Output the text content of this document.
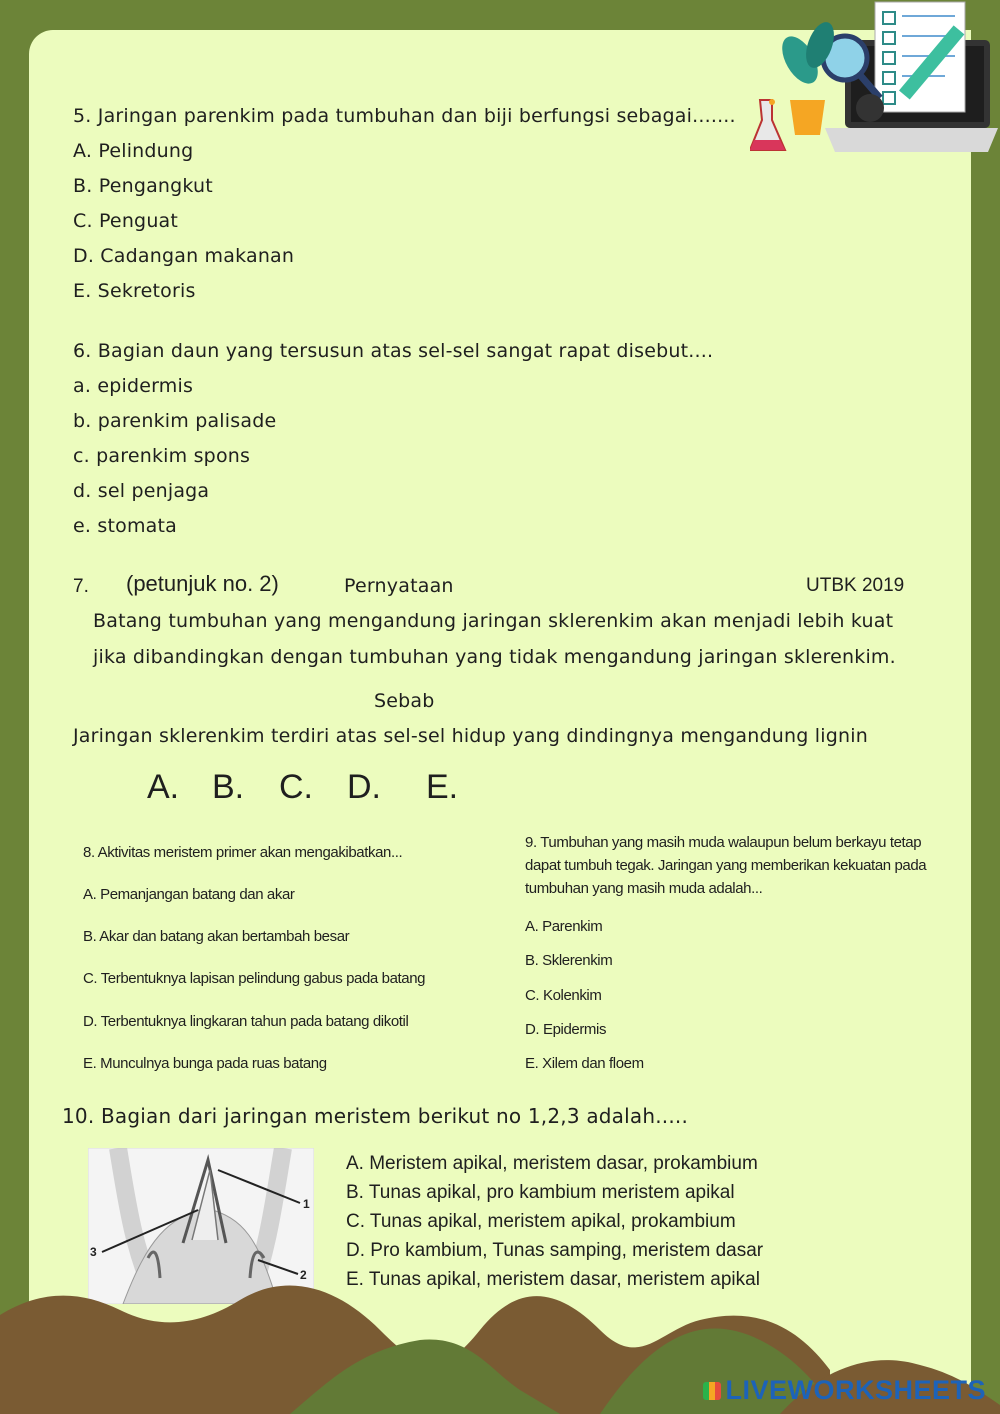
5. Jaringan parenkim pada tumbuhan dan biji berfungsi sebagai.......
A. Pelindung
B. Pengangkut
C. Penguat
D. Cadangan makanan
E. Sekretoris
6. Bagian daun yang tersusun atas sel-sel sangat rapat disebut....
a. epidermis
b. parenkim palisade
c. parenkim spons
d. sel penjaga
e. stomata
7. (petunjuk no. 2)	Pernyataan	UTBK 2019
Batang tumbuhan yang mengandung jaringan sklerenkim akan menjadi lebih kuat
jika dibandingkan dengan tumbuhan yang tidak mengandung jaringan sklerenkim.
Sebab
Jaringan sklerenkim terdiri atas sel-sel hidup yang dindingnya mengandung lignin
A. B. C. D. E.
8. Aktivitas meristem primer akan mengakibatkan...
A. Pemanjangan batang dan akar
B. Akar dan batang akan bertambah besar
C. Terbentuknya lapisan pelindung gabus pada batang
D. Terbentuknya lingkaran tahun pada batang dikotil
E. Munculnya bunga pada ruas batang
9. Tumbuhan yang masih muda walaupun belum berkayu tetap
dapat tumbuh tegak. Jaringan yang memberikan kekuatan pada
tumbuhan yang masih muda adalah...
A. Parenkim
B. Sklerenkim
C. Kolenkim
D. Epidermis
E. Xilem dan floem
10. Bagian dari jaringan meristem berikut no 1,2,3 adalah.....
1
2
3
A. Meristem apikal, meristem dasar, prokambium
B. Tunas apikal, pro kambium meristem apikal
C. Tunas apikal, meristem apikal, prokambium
D. Pro kambium, Tunas samping, meristem dasar
E. Tunas apikal, meristem dasar, meristem apikal
LIVEWORKSHEETS
